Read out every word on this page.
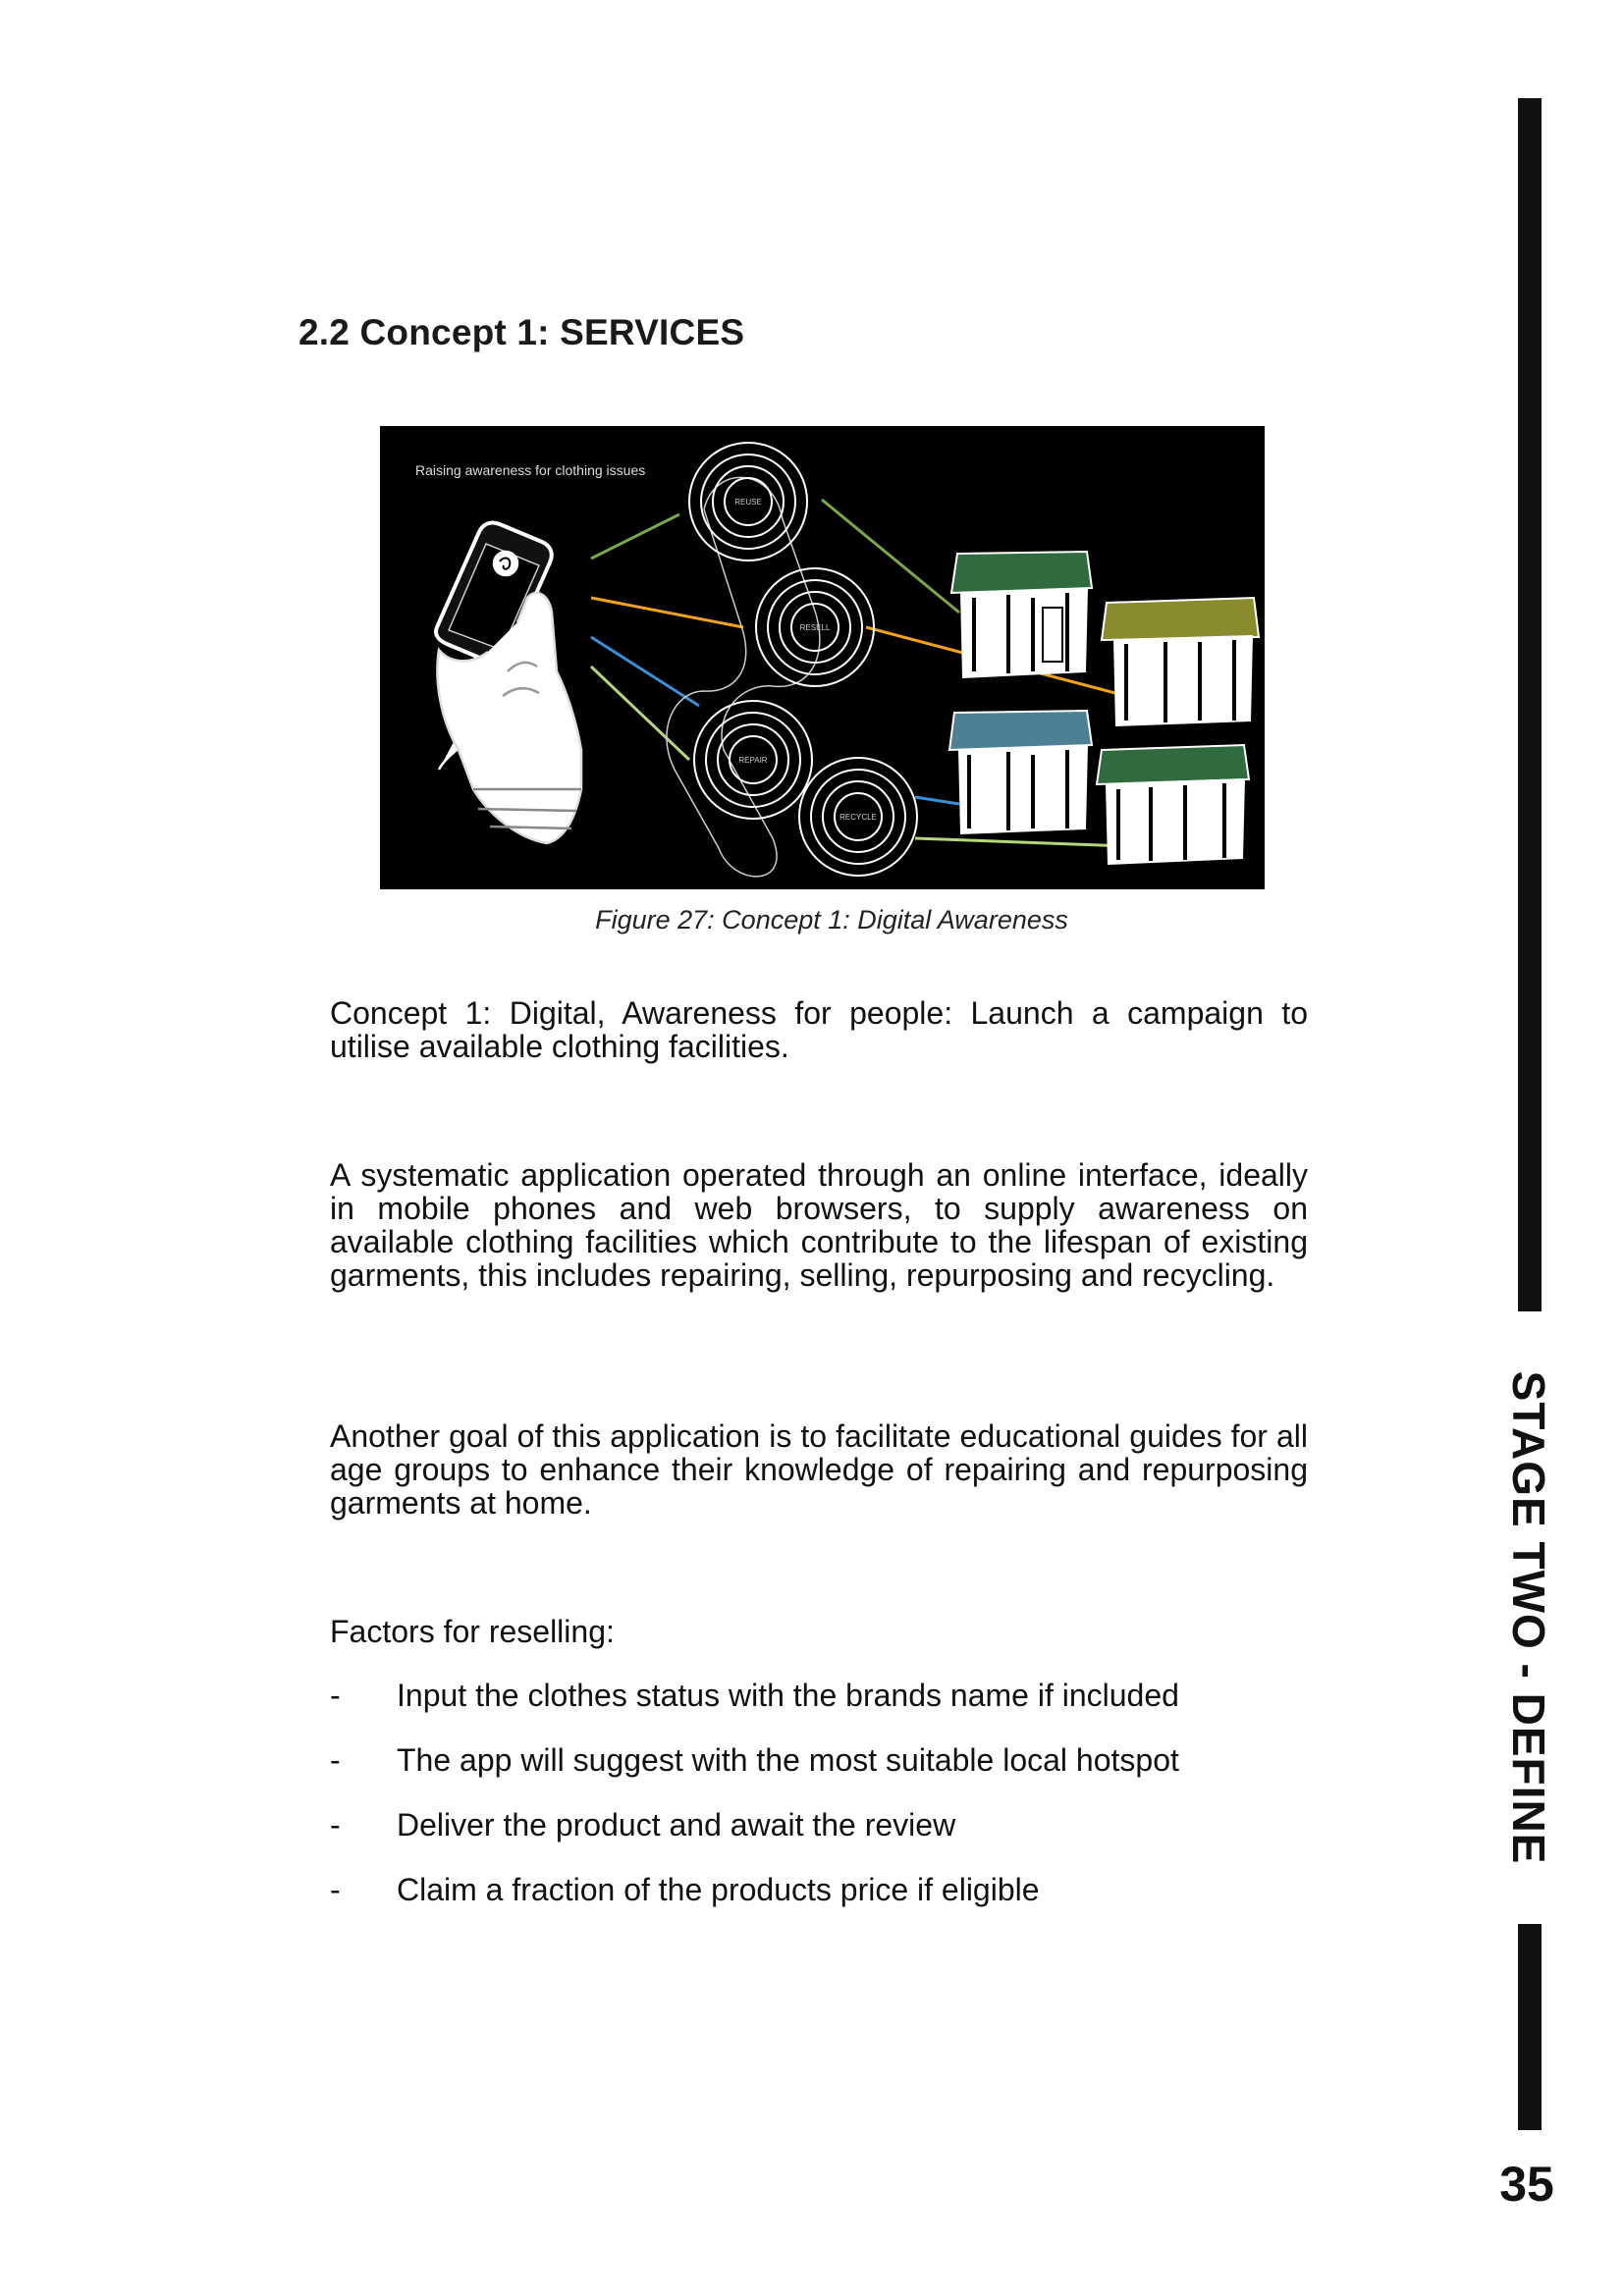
2.2 Concept 1: SERVICES
Raising awareness for clothing issues
REUSE
RESELL
REPAIR
RECYCLE
Figure 27: Concept 1: Digital Awareness

Concept 1: Digital, Awareness for people: Launch a campaign to utilise available clothing facilities.

A systematic application operated through an online interface, ideally in mobile phones and web browsers, to supply awareness on available clothing facilities which contribute to the lifespan of existing garments, this includes repairing, selling, repurposing and recycling.

Another goal of this application is to facilitate educational guides for all age groups to enhance their knowledge of repairing and repurposing garments at home.

Factors for reselling:

- Input the clothes status with the brands name if included
- The app will suggest with the most suitable local hotspot
- Deliver the product and await the review
- Claim a fraction of the products price if eligible
STAGE TWO - DEFINE
35
